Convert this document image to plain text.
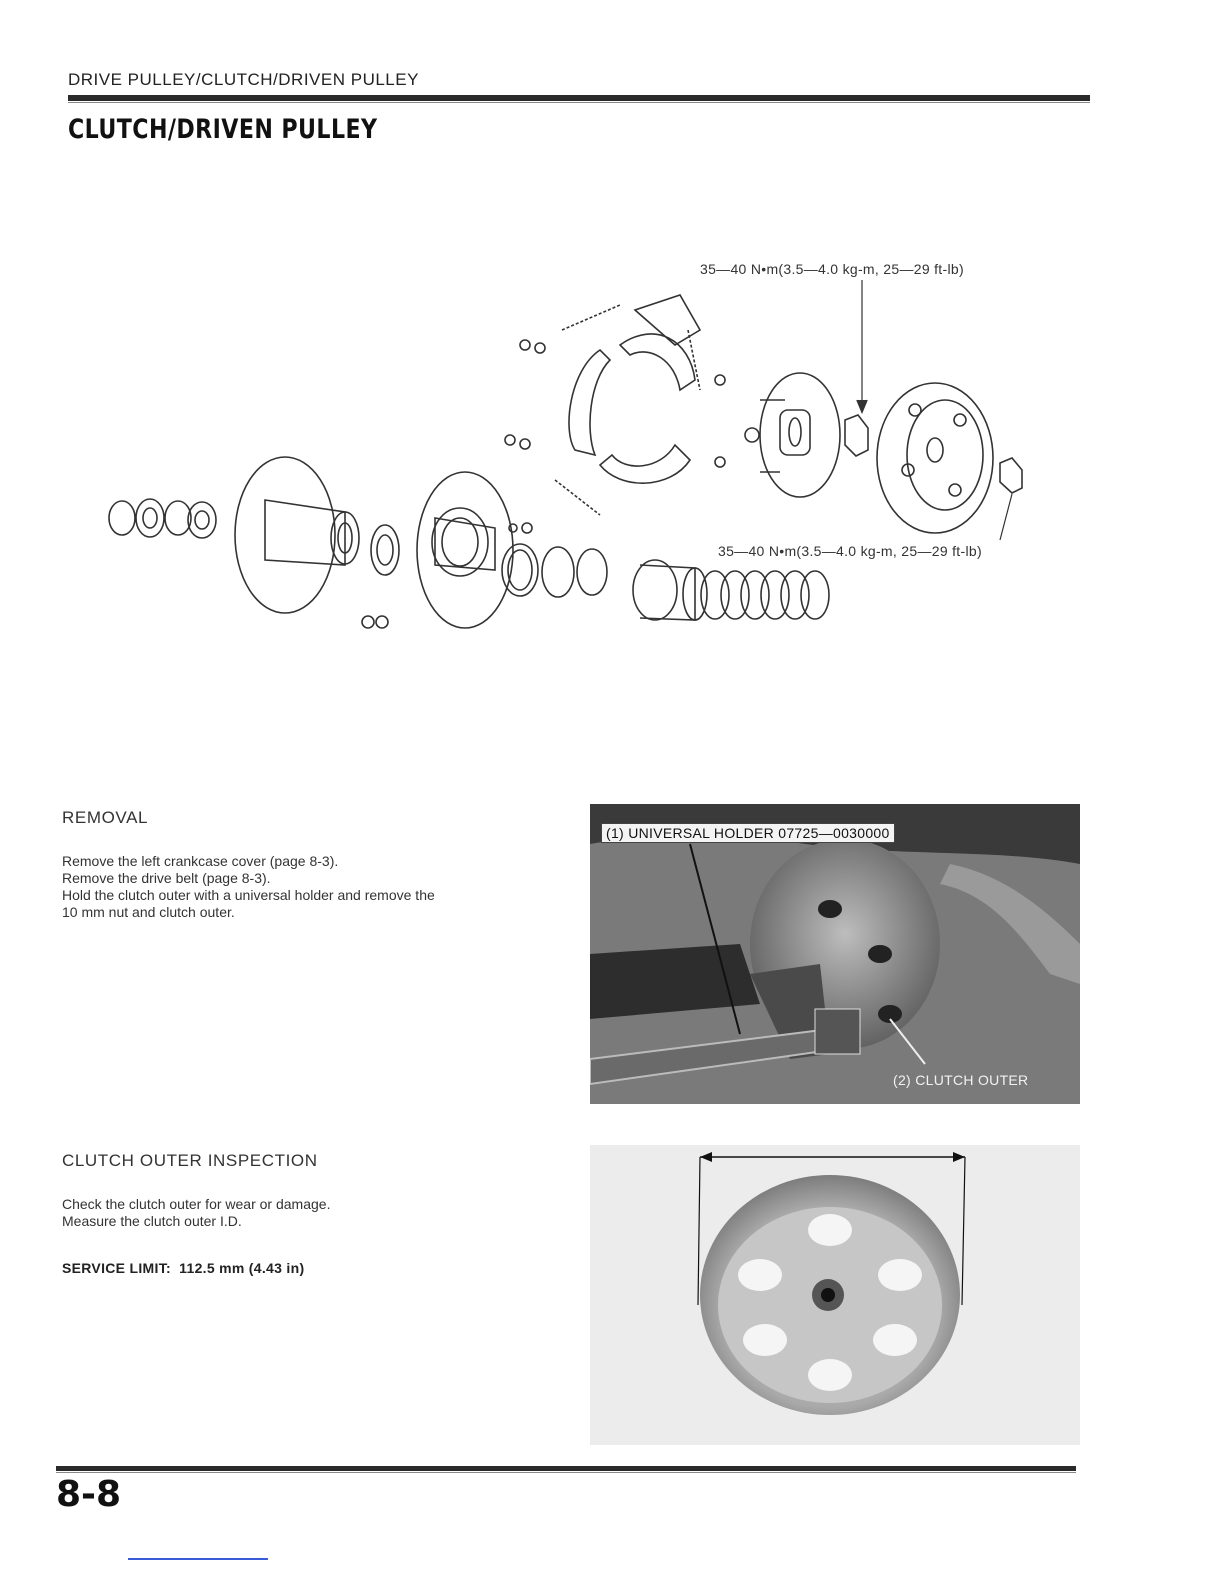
DRIVE PULLEY/CLUTCH/DRIVEN PULLEY
CLUTCH/DRIVEN PULLEY
35—40 N•m(3.5—4.0 kg-m, 25—29 ft-lb)
35—40 N•m(3.5—4.0 kg-m, 25—29 ft-lb)
REMOVAL

Remove the left crankcase cover (page 8-3).

Remove the drive belt (page 8-3).

Hold the clutch outer with a universal holder and remove the

10 mm nut and clutch outer.

(1) UNIVERSAL HOLDER 07725—0030000
(2) CLUTCH OUTER
CLUTCH OUTER INSPECTION

Check the clutch outer for wear or damage.

Measure the clutch outer I.D.

SERVICE LIMIT: 112.5 mm (4.43 in)
8-8
